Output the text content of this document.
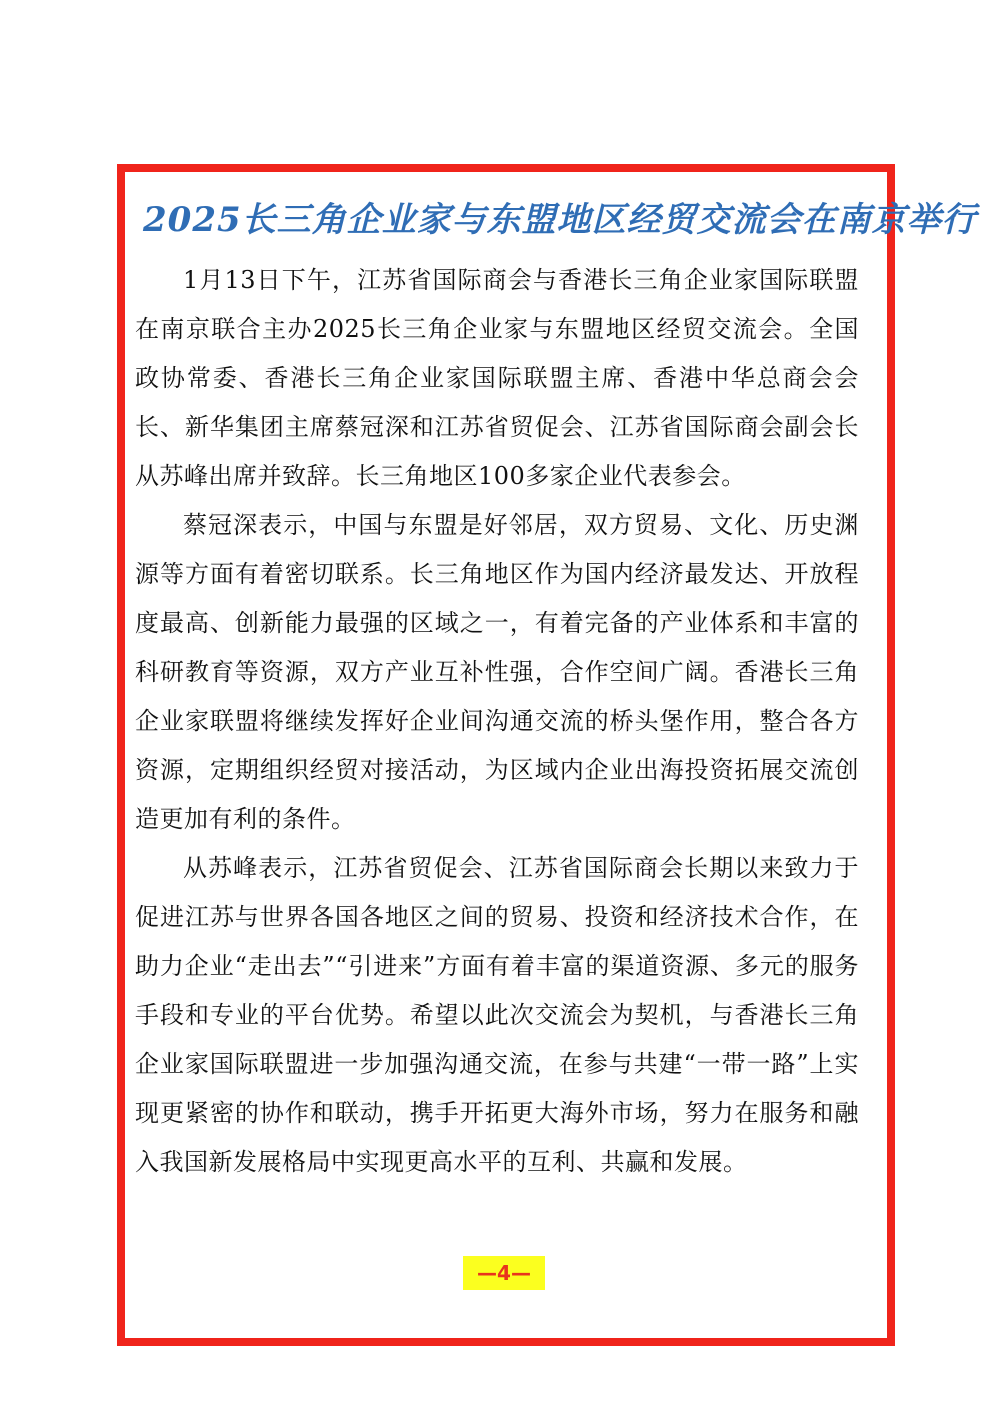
2025长三角企业家与东盟地区经贸交流会在南京举行

1月13日下午，江苏省国际商会与香港长三角企业家国际联盟在南京联合主办2025长三角企业家与东盟地区经贸交流会。全国政协常委、香港长三角企业家国际联盟主席、香港中华总商会会长、新华集团主席蔡冠深和江苏省贸促会、江苏省国际商会副会长从苏峰出席并致辞。长三角地区100多家企业代表参会。

蔡冠深表示，中国与东盟是好邻居，双方贸易、文化、历史渊源等方面有着密切联系。长三角地区作为国内经济最发达、开放程度最高、创新能力最强的区域之一，有着完备的产业体系和丰富的科研教育等资源，双方产业互补性强，合作空间广阔。香港长三角企业家联盟将继续发挥好企业间沟通交流的桥头堡作用，整合各方资源，定期组织经贸对接活动，为区域内企业出海投资拓展交流创造更加有利的条件。

从苏峰表示，江苏省贸促会、江苏省国际商会长期以来致力于促进江苏与世界各国各地区之间的贸易、投资和经济技术合作，在助力企业“走出去”“引进来”方面有着丰富的渠道资源、多元的服务手段和专业的平台优势。希望以此次交流会为契机，与香港长三角企业家国际联盟进一步加强沟通交流，在参与共建“一带一路”上实现更紧密的协作和联动，携手开拓更大海外市场，努力在服务和融入我国新发展格局中实现更高水平的互利、共赢和发展。

—4—
